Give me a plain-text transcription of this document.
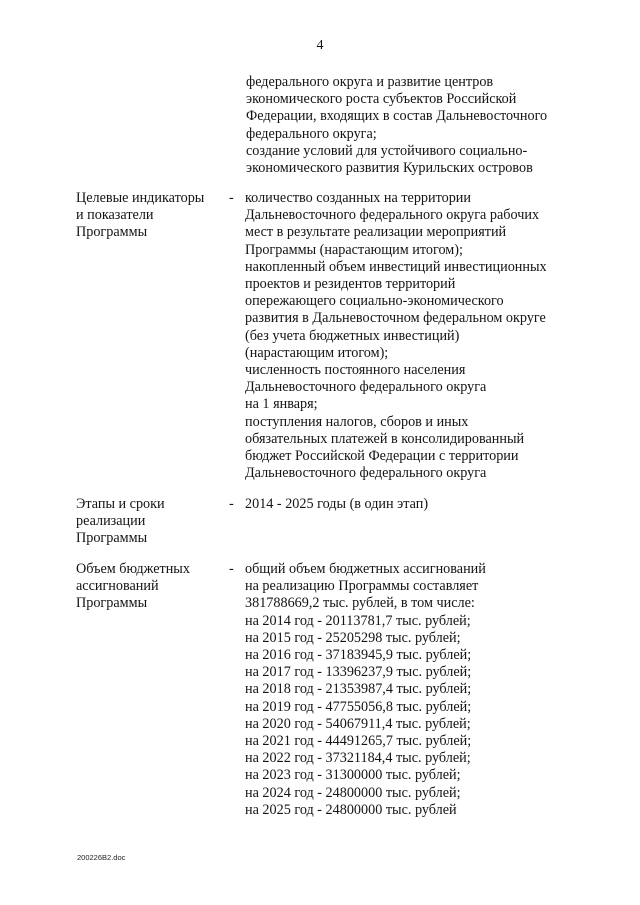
4
федерального округа и развитие центров
экономического роста субъектов Российской
Федерации, входящих в состав Дальневосточного
федерального округа;
создание условий для устойчивого социально-
экономического развития Курильских островов
Целевые индикаторы
и показатели
Программы
- количество созданных на территории
Дальневосточного федерального округа рабочих
мест в результате реализации мероприятий
Программы (нарастающим итогом);
накопленный объем инвестиций инвестиционных
проектов и резидентов территорий
опережающего социально-экономического
развития в Дальневосточном федеральном округе
(без учета бюджетных инвестиций)
(нарастающим итогом);
численность постоянного населения
Дальневосточного федерального округа
на 1 января;
поступления налогов, сборов и иных
обязательных платежей в консолидированный
бюджет Российской Федерации с территории
Дальневосточного федерального округа
Этапы и сроки
реализации
Программы
- 2014 - 2025 годы (в один этап)
Объем бюджетных
ассигнований
Программы
- общий объем бюджетных ассигнований
на реализацию Программы составляет
381788669,2 тыс. рублей, в том числе:
на 2014 год - 20113781,7 тыс. рублей;
на 2015 год - 25205298 тыс. рублей;
на 2016 год - 37183945,9 тыс. рублей;
на 2017 год - 13396237,9 тыс. рублей;
на 2018 год - 21353987,4 тыс. рублей;
на 2019 год - 47755056,8 тыс. рублей;
на 2020 год - 54067911,4 тыс. рублей;
на 2021 год - 44491265,7 тыс. рублей;
на 2022 год - 37321184,4 тыс. рублей;
на 2023 год - 31300000 тыс. рублей;
на 2024 год - 24800000 тыс. рублей;
на 2025 год - 24800000 тыс. рублей
200226B2.doc
